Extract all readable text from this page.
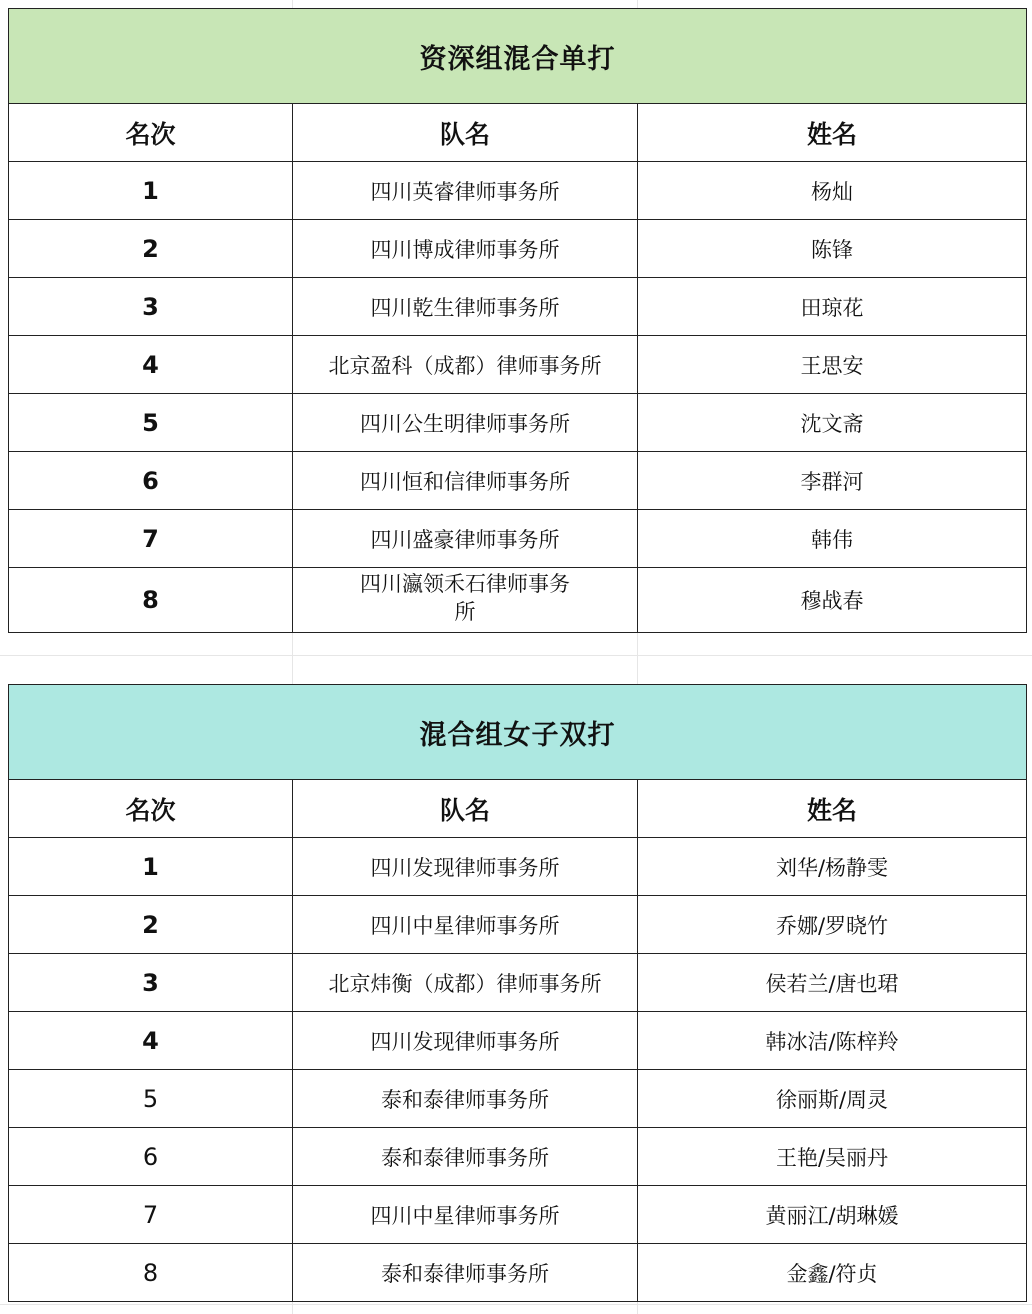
资深组混合单打		
名次	队名	姓名
1	四川英睿律师事务所	杨灿
2	四川博成律师事务所	陈锋
3	四川乾生律师事务所	田琼花
4	北京盈科（成都）律师事务所	王思安
5	四川公生明律师事务所	沈文斋
6	四川恒和信律师事务所	李群河
7	四川盛豪律师事务所	韩伟
8	四川瀛领禾石律师事务所	穆战春
混合组女子双打		
名次	队名	姓名
1	四川发现律师事务所	刘华/杨静雯
2	四川中星律师事务所	乔娜/罗晓竹
3	北京炜衡（成都）律师事务所	侯若兰/唐也珺
4	四川发现律师事务所	韩冰洁/陈梓羚
5	泰和泰律师事务所	徐丽斯/周灵
6	泰和泰律师事务所	王艳/吴丽丹
7	四川中星律师事务所	黄丽江/胡琳媛
8	泰和泰律师事务所	金鑫/符贞
